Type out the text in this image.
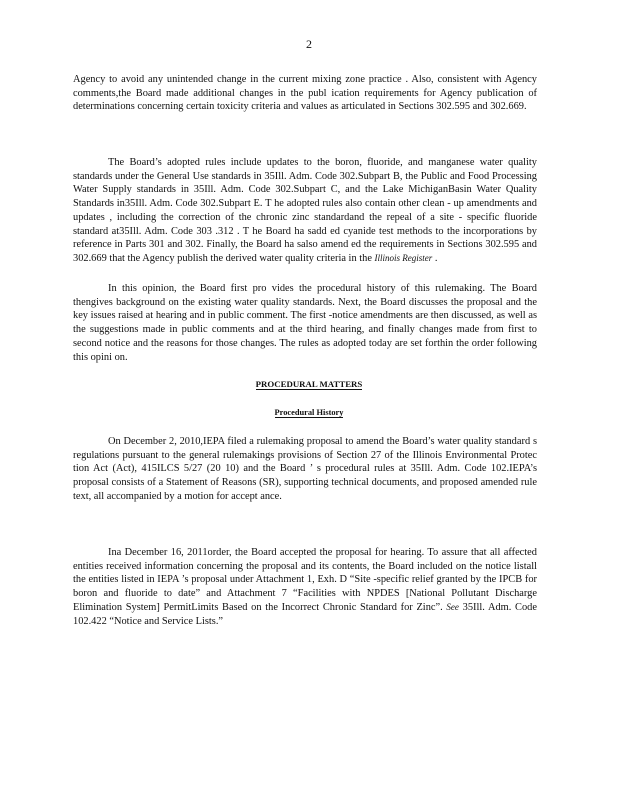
2
Agency to avoid any unintended change in the current mixing zone practice . Also, consistent with Agency comments,the Board made additional changes in the publ ication requirements for Agency publication of determinations concerning certain toxicity criteria and values as articulated in Sections 302.595 and 302.669.
The Board’s adopted rules include updates to the boron, fluoride, and manganese water quality standards under the General Use standards in 35Ill. Adm. Code 302.Subpart B, the Public and Food Processing Water Supply standards in 35Ill. Adm. Code 302.Subpart C, and the Lake MichiganBasin Water Quality Standards in35Ill. Adm. Code 302.Subpart E. T he adopted rules also contain other clean - up amendments and updates , including the correction of the chronic zinc standardand the repeal of a site - specific fluoride standard at35Ill. Adm. Code 303 .312 . T he Board ha sadd ed cyanide test methods to the incorporations by reference in Parts 301 and 302. Finally, the Board ha salso amend ed the requirements in Sections 302.595 and 302.669 that the Agency publish the derived water quality criteria in the Illinois Register .
In this opinion, the Board first pro vides the procedural history of this rulemaking. The Board thengives background on the existing water quality standards. Next, the Board discusses the proposal and the key issues raised at hearing and in public comment. The first -notice amendments are then discussed, as well as the suggestions made in public comments and at the third hearing, and finally changes made from first to second notice and the reasons for those changes. The rules as adopted today are set forthin the order following this opini on.
PROCEDURAL MATTERS
Procedural History
On December 2, 2010,IEPA filed a rulemaking proposal to amend the Board’s water quality standard s regulations pursuant to the general rulemakings provisions of Section 27 of the Illinois Environmental Protec tion Act (Act), 415ILCS 5/27 (20 10) and the Board ’ s procedural rules at 35Ill. Adm. Code 102.IEPA’s proposal consists of a Statement of Reasons (SR), supporting technical documents, and proposed amended rule text, all accompanied by a motion for accept ance.
Ina December 16, 2011order, the Board accepted the proposal for hearing. To assure that all affected entities received information concerning the proposal and its contents, the Board included on the notice listall the entities listed in IEPA ’s proposal under Attachment 1, Exh. D “Site -specific relief granted by the IPCB for boron and fluoride to date” and Attachment 7 “Facilities with NPDES [National Pollutant Discharge Elimination System] PermitLimits Based on the Incorrect Chronic Standard for Zinc”. See 35Ill. Adm. Code 102.422 “Notice and Service Lists.”
